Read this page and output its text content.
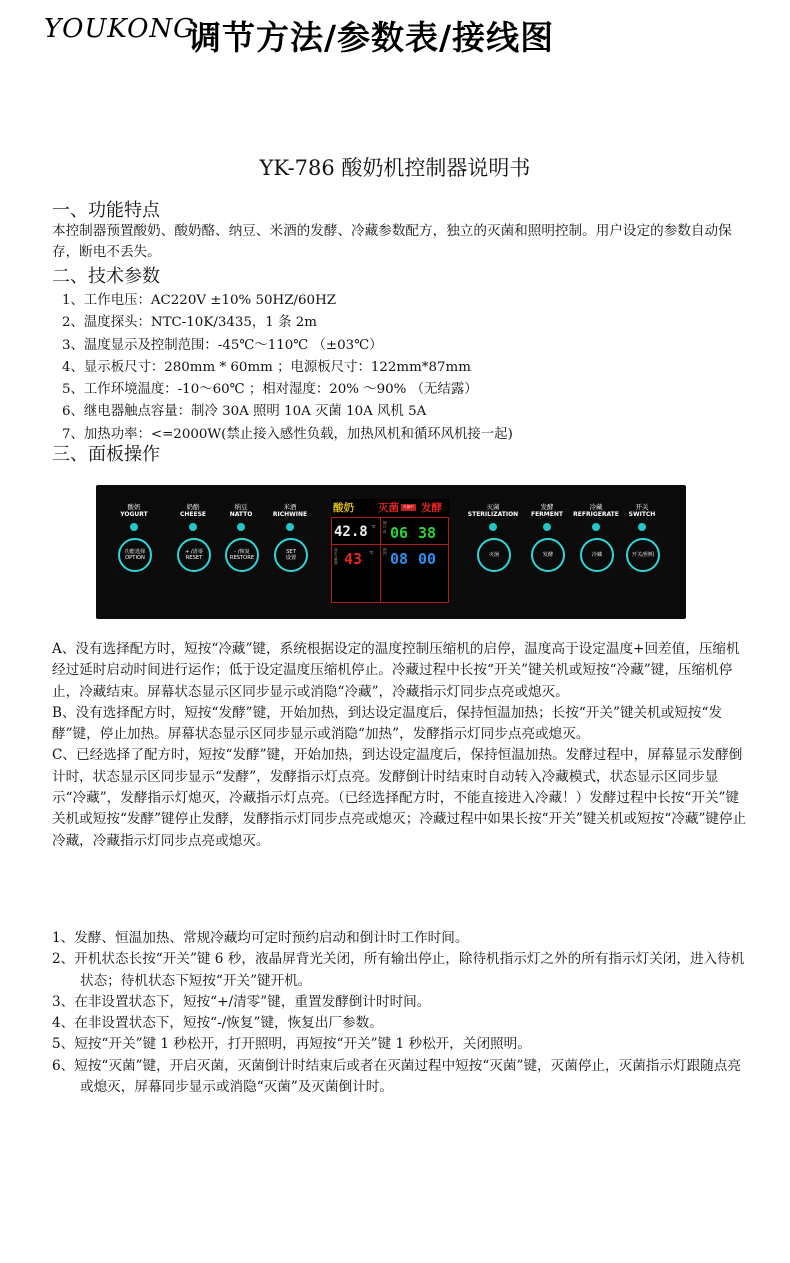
YOUKONG
调节方法/参数表/接线图
YK-786 酸奶机控制器说明书
一、功能特点
本控制器预置酸奶、酸奶酪、纳豆、米酒的发酵、冷藏参数配方，独立的灭菌和照明控制。用户设定的参数自动保存，断电不丢失。
二、技术参数
1、工作电压：AC220V ±10% 50HZ/60HZ
2、温度探头：NTC-10K/3435，1 条 2m
3、温度显示及控制范围：-45℃～110℃ （±03℃）
4、显示板尺寸：280mm * 60mm ；电源板尺寸：122mm*87mm
5、工作环境温度：-10～60℃ ；相对湿度：20% ～90% （无结露）
6、继电器触点容量：制冷 30A 照明 10A 灭菌 10A 风机 5A
7、加热功率：<=2000W(禁止接入感性负载，加热风机和循环风机接一起)
三、面板操作
酸奶
YOGURT
功能选择
OPTION
奶酪
CHEESE
+ /清零
RESET
纳豆
NATTO
- /恢复
RESTORE
米酒
RICHWINE
SET
设置
酸奶 灭菌	灭菌中 发酵
42.8 ℃
倒计时 06 38
设定温度 43 ℃	预约 08 00
灭菌
STERILIZATION
灭菌
发酵
FERMENT
发酵
冷藏
REFRIGERATE
冷藏
开关
SWITCH
开关/照明

A、没有选择配方时，短按“冷藏”键，系统根据设定的温度控制压缩机的启停，温度高于设定温度+回差值，压缩机经过延时启动时间进行运作；低于设定温度压缩机停止。冷藏过程中长按“开关”键关机或短按“冷藏”键，压缩机停止，冷藏结束。屏幕状态显示区同步显示或消隐“冷藏”，冷藏指示灯同步点亮或熄灭。

B、没有选择配方时，短按“发酵”键，开始加热，到达设定温度后，保持恒温加热；长按“开关”键关机或短按“发酵”键，停止加热。屏幕状态显示区同步显示或消隐“加热”，发酵指示灯同步点亮或熄灭。

C、已经选择了配方时，短按“发酵”键，开始加热，到达设定温度后，保持恒温加热。发酵过程中，屏幕显示发酵倒计时，状态显示区同步显示“发酵”，发酵指示灯点亮。发酵倒计时结束时自动转入冷藏模式，状态显示区同步显示“冷藏”，发酵指示灯熄灭，冷藏指示灯点亮。（已经选择配方时，不能直接进入冷藏！）发酵过程中长按“开关”键关机或短按“发酵”键停止发酵，发酵指示灯同步点亮或熄灭；冷藏过程中如果长按“开关”键关机或短按“冷藏”键停止冷藏，冷藏指示灯同步点亮或熄灭。

1、发酵、恒温加热、常规冷藏均可定时预约启动和倒计时工作时间。
2、开机状态长按“开关”键 6 秒，液晶屏背光关闭，所有输出停止，除待机指示灯之外的所有指示灯关闭，进入待机状态；待机状态下短按“开关”键开机。
3、在非设置状态下，短按“+/清零”键，重置发酵倒计时时间。
4、在非设置状态下，短按“-/恢复”键，恢复出厂参数。
5、短按“开关”键 1 秒松开，打开照明，再短按“开关”键 1 秒松开，关闭照明。
6、短按“灭菌”键，开启灭菌，灭菌倒计时结束后或者在灭菌过程中短按“灭菌”键，灭菌停止，灭菌指示灯跟随点亮或熄灭，屏幕同步显示或消隐“灭菌”及灭菌倒计时。
